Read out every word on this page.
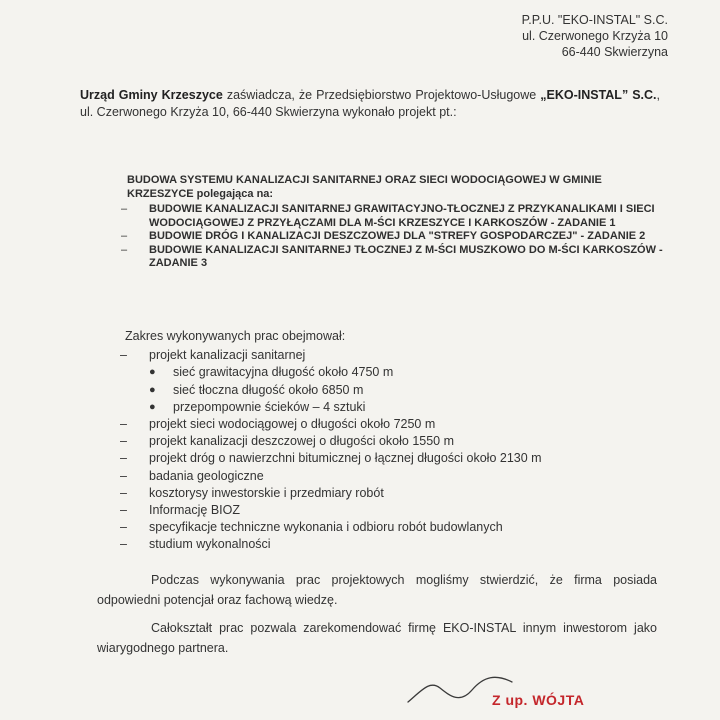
P.P.U. "EKO-INSTAL" S.C.
ul. Czerwonego Krzyża 10
66-440 Skwierzyna
Urząd Gminy Krzeszyce zaświadcza, że Przedsiębiorstwo Projektowo-Usługowe „EKO-INSTAL” S.C., ul. Czerwonego Krzyża 10, 66-440 Skwierzyna wykonało projekt pt.:
BUDOWA SYSTEMU KANALIZACJI SANITARNEJ ORAZ SIECI WODOCIĄGOWEJ W GMINIE KRZESZYCE polegająca na:
– BUDOWIE KANALIZACJI SANITARNEJ GRAWITACYJNO-TŁOCZNEJ Z PRZYKANALIKAMI I SIECI WODOCIĄGOWEJ Z PRZYŁĄCZAMI DLA M-ŚCI KRZESZYCE I KARKOSZÓW - ZADANIE 1
– BUDOWIE DRÓG I KANALIZACJI DESZCZOWEJ DLA "STREFY GOSPODARCZEJ" - ZADANIE 2
– BUDOWIE KANALIZACJI SANITARNEJ TŁOCZNEJ Z M-ŚCI MUSZKOWO DO M-ŚCI KARKOSZÓW - ZADANIE 3
Zakres wykonywanych prac obejmował:
– projekt kanalizacji sanitarnej
● sieć grawitacyjna długość około 4750 m
● sieć tłoczna długość około 6850 m
● przepompownie ścieków – 4 sztuki
– projekt sieci wodociągowej o długości około 7250 m
– projekt kanalizacji deszczowej o długości około 1550 m
– projekt dróg o nawierzchni bitumicznej o łącznej długości około 2130 m
– badania geologiczne
– kosztorysy inwestorskie i przedmiary robót
– Informację BIOZ
– specyfikacje techniczne wykonania i odbioru robót budowlanych
– studium wykonalności
Podczas wykonywania prac projektowych mogliśmy stwierdzić, że firma posiada odpowiedni potencjał oraz fachową wiedzę.
Całokształt prac pozwala zarekomendować firmę EKO-INSTAL innym inwestorom jako wiarygodnego partnera.
Z up. WÓJTA
